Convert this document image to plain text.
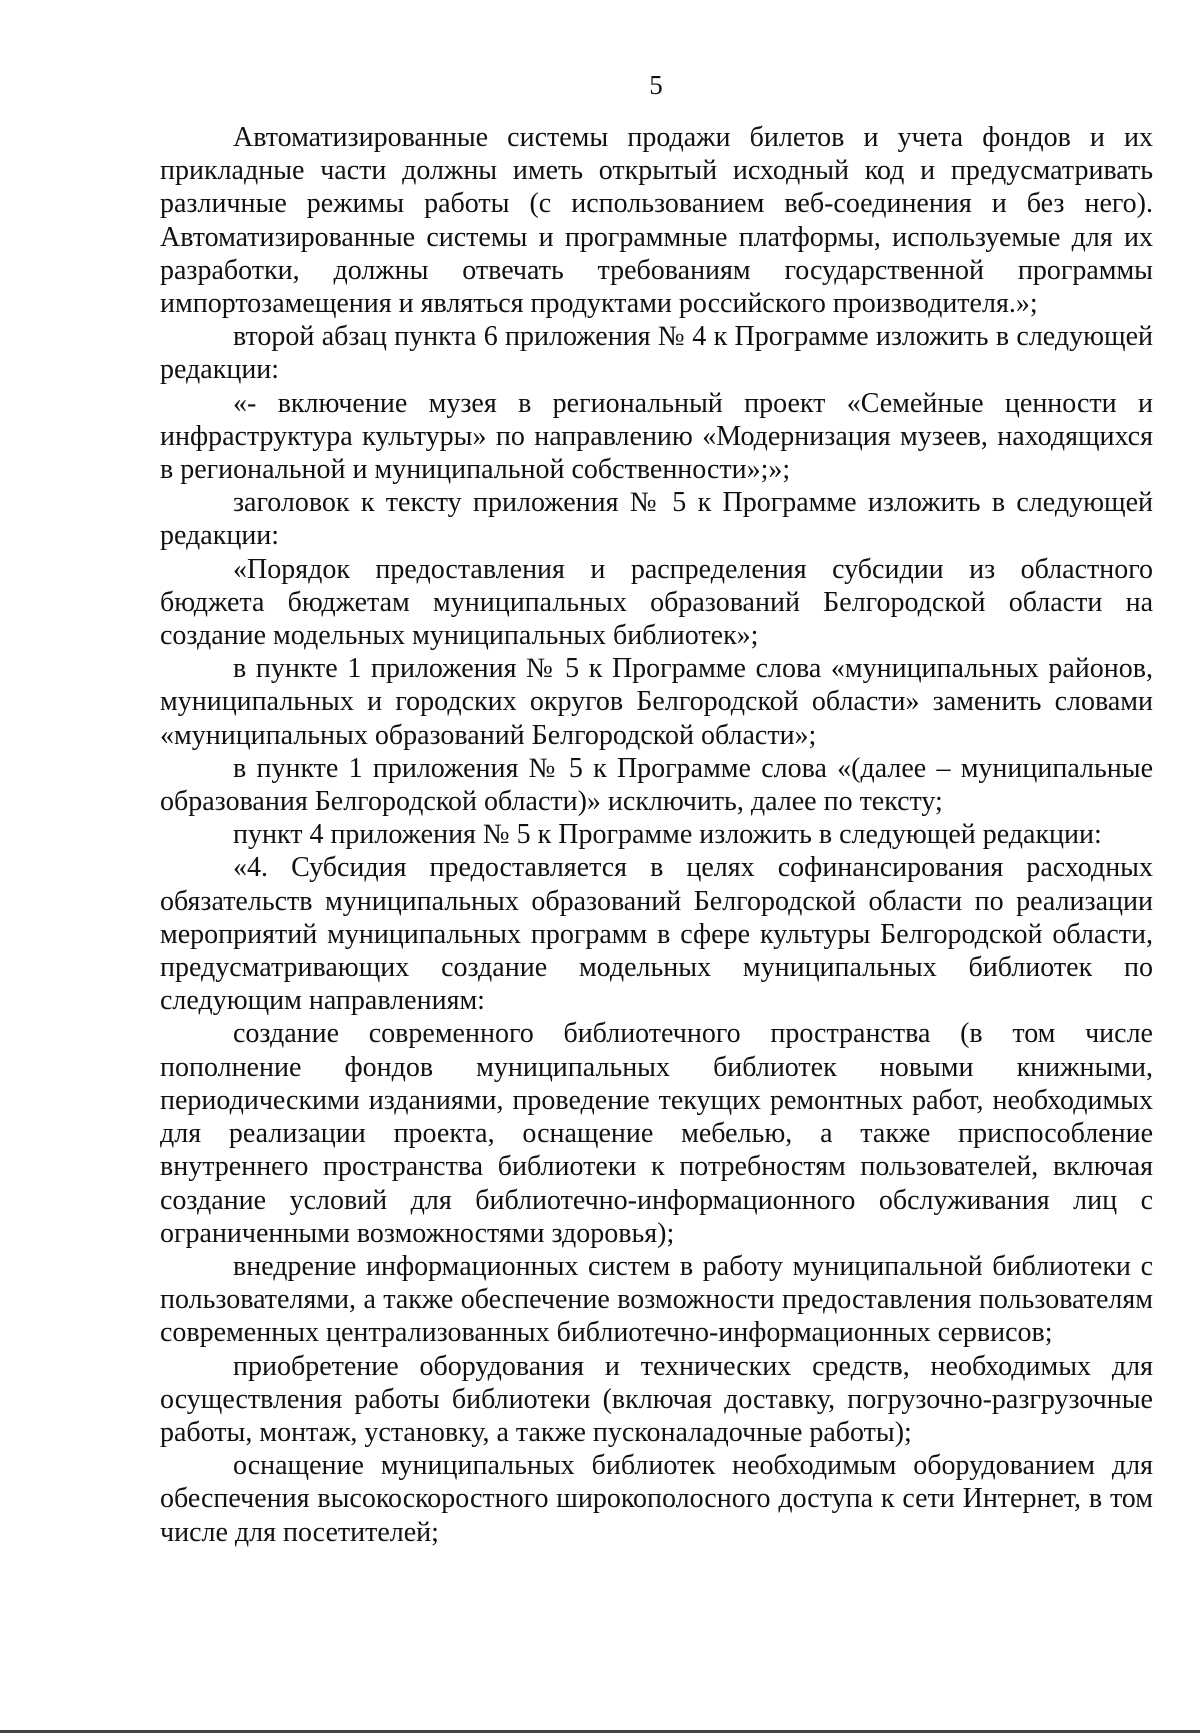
5

Автоматизированные системы продажи билетов и учета фондов и их прикладные части должны иметь открытый исходный код и предусматривать различные режимы работы (с использованием веб-соединения и без него). Автоматизированные системы и программные платформы, используемые для их разработки, должны отвечать требованиям государственной программы импортозамещения и являться продуктами российского производителя.»;

второй абзац пункта 6 приложения № 4 к Программе изложить в следующей редакции:

«- включение музея в региональный проект «Семейные ценности и инфраструктура культуры» по направлению «Модернизация музеев, находящихся в региональной и муниципальной собственности»;»;

заголовок к тексту приложения № 5 к Программе изложить в следующей редакции:

«Порядок предоставления и распределения субсидии из областного бюджета бюджетам муниципальных образований Белгородской области на создание модельных муниципальных библиотек»;

в пункте 1 приложения № 5 к Программе слова «муниципальных районов, муниципальных и городских округов Белгородской области» заменить словами «муниципальных образований Белгородской области»;

в пункте 1 приложения № 5 к Программе слова «(далее – муниципальные образования Белгородской области)» исключить, далее по тексту;

пункт 4 приложения № 5 к Программе изложить в следующей редакции:

«4. Субсидия предоставляется в целях софинансирования расходных обязательств муниципальных образований Белгородской области по реализации мероприятий муниципальных программ в сфере культуры Белгородской области, предусматривающих создание модельных муниципальных библиотек по следующим направлениям:

создание современного библиотечного пространства (в том числе пополнение фондов муниципальных библиотек новыми книжными, периодическими изданиями, проведение текущих ремонтных работ, необходимых для реализации проекта, оснащение мебелью, а также приспособление внутреннего пространства библиотеки к потребностям пользователей, включая создание условий для библиотечно-информационного обслуживания лиц с ограниченными возможностями здоровья);

внедрение информационных систем в работу муниципальной библиотеки с пользователями, а также обеспечение возможности предоставления пользователям современных централизованных библиотечно-информационных сервисов;

приобретение оборудования и технических средств, необходимых для осуществления работы библиотеки (включая доставку, погрузочно-разгрузочные работы, монтаж, установку, а также пусконаладочные работы);

оснащение муниципальных библиотек необходимым оборудованием для обеспечения высокоскоростного широкополосного доступа к сети Интернет, в том числе для посетителей;
